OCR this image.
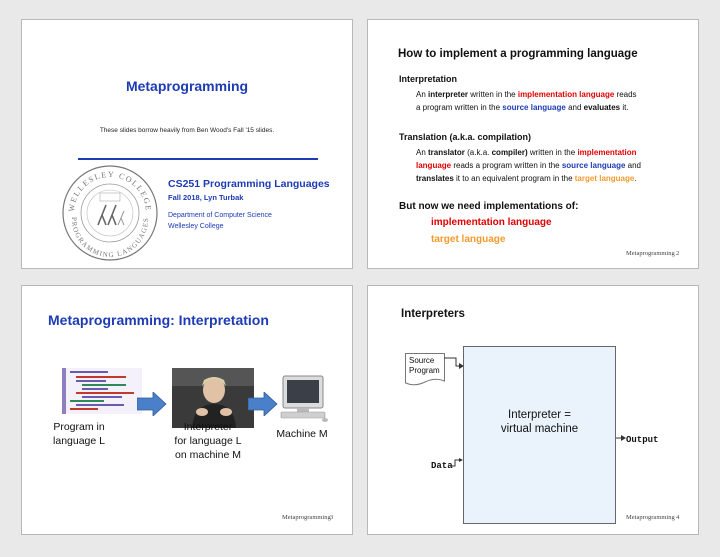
Metaprogramming
These slides borrow heavily from Ben Wood's Fall '15 slides.
WELLESLEY COLLEGE
PROGRAMMING LANGUAGES
CS251 Programming Languages
Fall 2018, Lyn Turbak
Department of Computer Science
Wellesley College
How to implement a programming language
Interpretation
An interpreter written in the implementation language reads
a program written in the source language and evaluates it.
Translation (a.k.a. compilation)
An translator (a.k.a. compiler) written in the implementation
language reads a program written in the source language and
translates it to an equivalent program in the target language.
But now we need implementations of:
implementation language
target language
Metaprogramming 2
Metaprogramming: Interpretation
Program in
language L
Interpreter
for language L
on machine M
Machine M
Metaprogramming 3
Interpreters
Source
Program
Interpreter =
virtual machine
Output
Data
Metaprogramming 4
